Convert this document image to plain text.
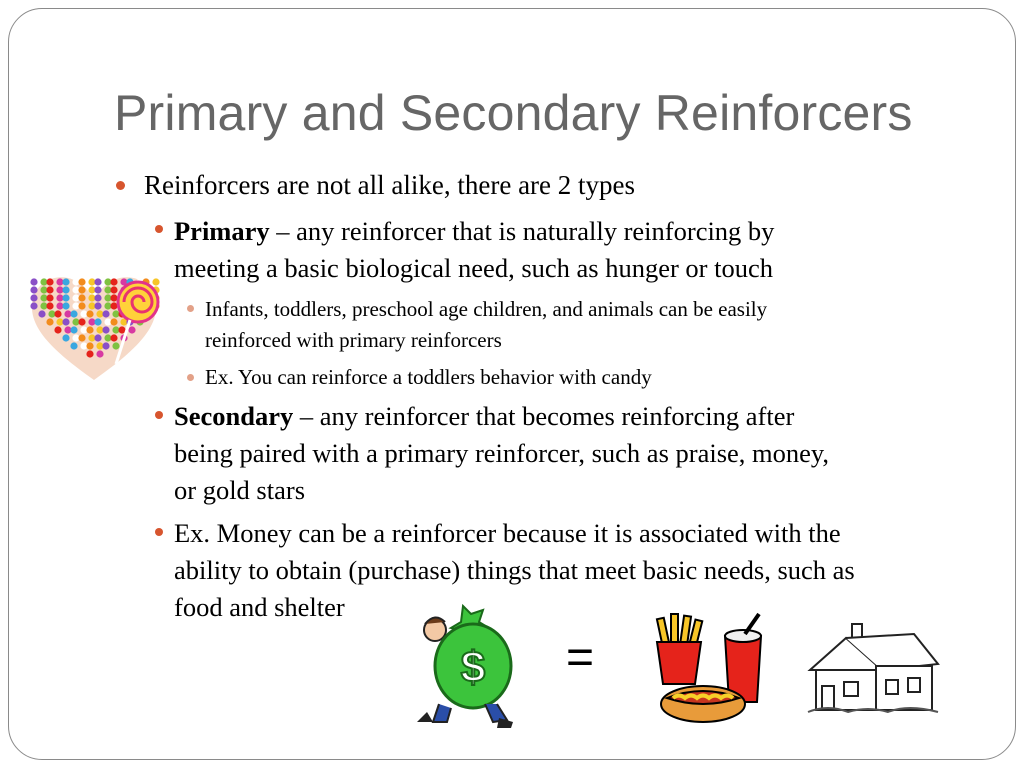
Primary and Secondary Reinforcers
Reinforcers are not all alike, there are 2 types
Primary – any reinforcer that is naturally reinforcing by
meeting a basic biological need, such as hunger or touch
Infants, toddlers, preschool age children, and animals can be easily
reinforced with primary reinforcers
Ex. You can reinforce a toddlers behavior with candy
Secondary – any reinforcer that becomes reinforcing after
being paired with a primary reinforcer, such as praise, money,
or gold stars
Ex. Money can be a reinforcer because it is associated with the
ability to obtain (purchase) things that meet basic needs, such as
food and shelter
$ =
